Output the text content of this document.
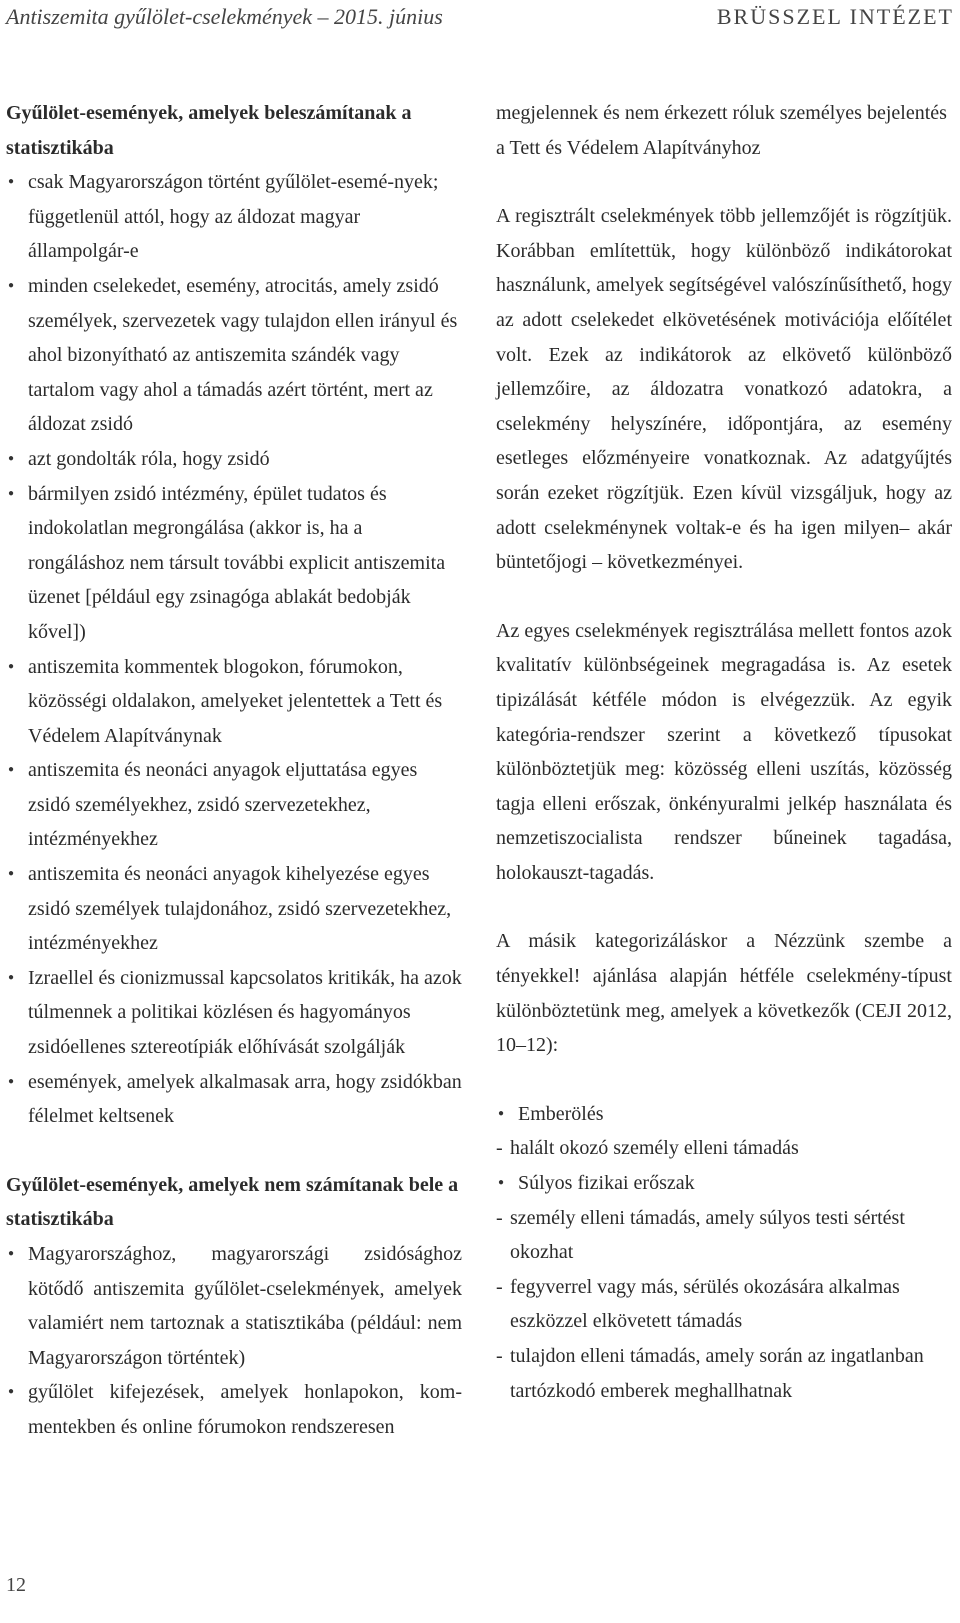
Antiszemita gyűlölet-cselekmények – 2015. június	BRÜSSZEL INTÉZET

Gyűlölet-események, amelyek beleszámítanak a statisztikába

● csak Magyarországon történt gyűlölet-esemé-nyek; függetlenül attól, hogy az áldozat magyar állampolgár-e
● minden cselekedet, esemény, atrocitás, amely zsidó személyek, szervezetek vagy tulajdon ellen irányul és ahol bizonyítható az antiszemita szándék vagy tartalom vagy ahol a támadás azért történt, mert az áldozat zsidó
● azt gondolták róla, hogy zsidó
● bármilyen zsidó intézmény, épület tudatos és indokolatlan megrongálása (akkor is, ha a rongáláshoz nem társult további explicit antiszemita üzenet [például egy zsinagóga ablakát bedobják kővel])
● antiszemita kommentek blogokon, fórumokon, közösségi oldalakon, amelyeket jelentettek a Tett és Védelem Alapítványnak
● antiszemita és neonáci anyagok eljuttatása egyes zsidó személyekhez, zsidó szervezetekhez, intézményekhez
● antiszemita és neonáci anyagok kihelyezése egyes zsidó személyek tulajdonához, zsidó szervezetekhez, intézményekhez
● Izraellel és cionizmussal kapcsolatos kritikák, ha azok túlmennek a politikai közlésen és hagyományos zsidóellenes sztereotípiák előhívását szolgálják
● események, amelyek alkalmasak arra, hogy zsidókban félelmet keltsenek

Gyűlölet-események, amelyek nem számítanak bele a statisztikába

● Magyarországhoz, magyarországi zsidósághoz kötődő antiszemita gyűlölet-cselekmények, amelyek valamiért nem tartoznak a statisztikába (például: nem Magyarországon történtek)
● gyűlölet kifejezések, amelyek honlapokon, kom-mentekben és online fórumokon rendszeresen

megjelennek és nem érkezett róluk személyes bejelentés a Tett és Védelem Alapítványhoz

A regisztrált cselekmények több jellemzőjét is rögzítjük. Korábban említettük, hogy különböző indikátorokat használunk, amelyek segítségével valószínűsíthető, hogy az adott cselekedet elkövetésének motivációja előítélet volt. Ezek az indikátorok az elkövető különböző jellemzőire, az áldozatra vonatkozó adatokra, a cselekmény helyszínére, időpontjára, az esemény esetleges előzményeire vonatkoznak. Az adatgyűjtés során ezeket rögzítjük. Ezen kívül vizsgáljuk, hogy az adott cselekménynek voltak-e és ha igen milyen– akár büntetőjogi – következményei.

Az egyes cselekmények regisztrálása mellett fontos azok kvalitatív különbségeinek megragadása is. Az esetek tipizálását kétféle módon is elvégezzük. Az egyik kategória-rendszer szerint a következő típusokat különböztetjük meg: közösség elleni uszítás, közösség tagja elleni erőszak, önkényuralmi jelkép használata és nemzetiszocialista rendszer bűneinek tagadása, holokauszt-tagadás.

A másik kategorizáláskor a Nézzünk szembe a tényekkel! ajánlása alapján hétféle cselekmény-típust különböztetünk meg, amelyek a következők (CEJI 2012, 10–12):

● Emberölés
- halált okozó személy elleni támadás
● Súlyos fizikai erőszak
- személy elleni támadás, amely súlyos testi sértést okozhat
- fegyverrel vagy más, sérülés okozására alkalmas eszközzel elkövetett támadás
- tulajdon elleni támadás, amely során az ingatlanban tartózkodó emberek meghallhatnak
12
